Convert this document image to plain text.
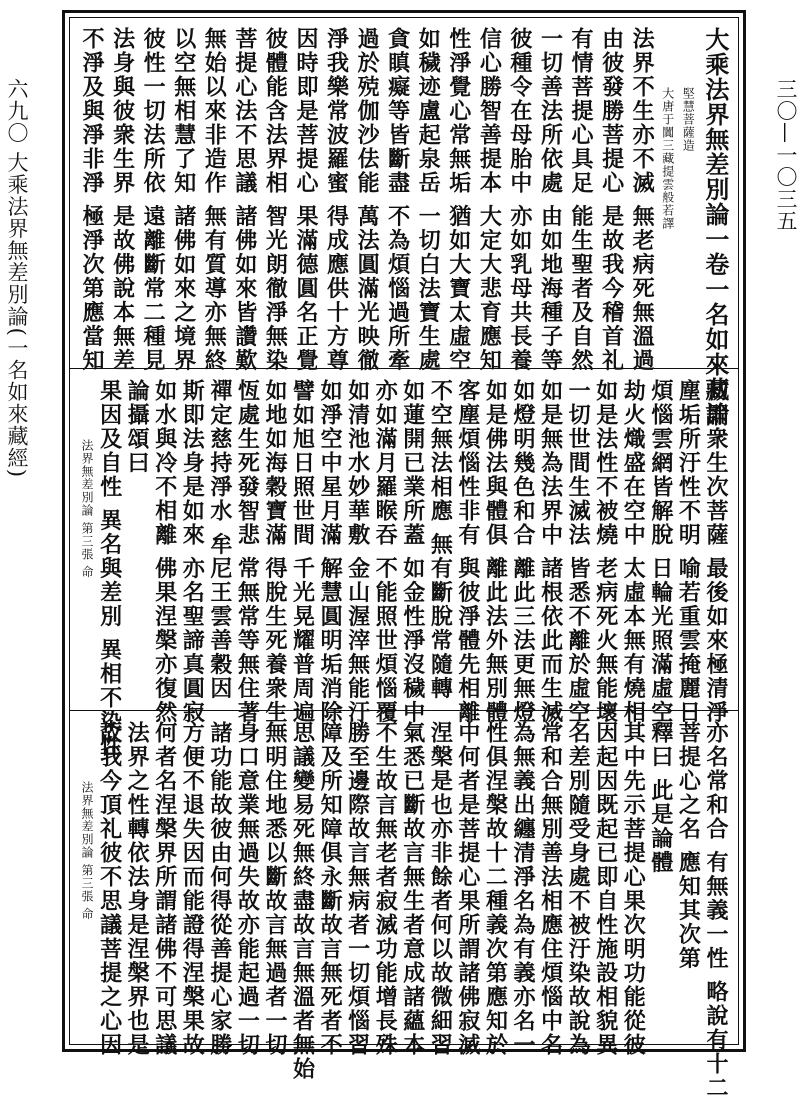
六九〇 大乘法界無差別論(一名如來藏經)	三〇—一〇三五
大乘法界無差別論一卷一名如來藏論
堅慧菩薩造
大唐于闐三藏提雲般若譯
法界不生亦不滅 無老病死無溫過
由彼發勝菩提心 是故我今稽首礼
有情菩提心具足 能生聖者及自然
一切善法所依處 由如地海種子等
彼種令在母胎中 亦如乳母共長養
信心勝智善提本 大定大悲育應知
性淨覺心常無垢 猶如大寶太虛空
如穢迹盧起泉岳 一切白法寶生處
貪瞋癡等皆斷盡 不為煩惱過所牽
過於殑伽沙佉能 萬法圓滿光映徹
淨我樂常波羅蜜 得成應供十方尊
因時即是菩提心 果滿德圓名正覺
彼體能含法界相 智光朗徹淨無染
菩提心法不思議 諸佛如來皆讚歎
無始以來非造作 無有質導亦無終
以空無相慧了知 諸佛如來之境界
彼性一切法所依 遠離斷常二種見
法身與彼衆生界 是故佛說本無差
不淨及與淨非淨 極淨次第應當知
初即衆生次菩薩 最後如來極清淨
塵垢所汙性不明 喻若重雲掩麗日
煩惱雲網皆解脫 日輪光照滿虛空
劫火熾盛在空中 太虛本無有燒相
如是法性不被燒 老病死火無能壞
一切世間生滅法 皆悉不離於虛空
如是無為法界中 諸根依此而生滅
如燈明幾色和合 離此三法更無燈
如是佛法與體俱 離此法外無別體
客塵煩惱性非有 與彼淨體先相離
不空無法相應 無有斷脫常隨轉
如蓮開已業所蓋 如金性淨沒穢中
亦如滿月羅睺吞 不能照世煩惱覆
如清池水妙華敷 金山渥滓無能汙
如淨空中星月滿 解慧圓明垢消除
譬如旭日照世間 千光晃耀普周遍
如地如海穀寶滿 得脫生死養衆生
恆處生死發智悲 常無常等無住著
禪定慈持淨水 牟尼王雲善穀因
斯即法身是如來 亦名聖諦真圓寂
如水與冷不相離 佛果涅槃亦復然
論攝頌曰
果因及自性 異名與差別 異相不染性
法界無差別論 第三張 命
亦名常和合 有無義一性 略說有十二
菩提心之名 應知其次第
釋曰 此是論體
其中先示菩提心果次明功能從彼
因起因既起已即自性施設相貌異
名差別隨受身處不被汙染故說為
常和合無別善法相應住煩惱中名
為無義出纏清淨名為有義亦名一
性俱涅槃故十二種義次第應知於
中何者是菩提心果所謂諸佛寂滅
涅槃是也亦非餘者何以故微細習
氣悉已斷故言無生者意成諸蘊本
不生故言無老者寂滅功能增長殊
勝至邊際故言無病者一切煩惱習
障及所知障俱永斷故言無死者不
思議變易死無終盡故言無溫者無始
無明住地悉以斷故言無過者一切
身口意業無過失故亦能起過一切
諸功能故彼由何得從善提心家勝
方便不退失因而能證得涅槃果故
何者名涅槃界所謂諸佛不可思議
法界之性轉依法身是涅槃界也是
故我今頂礼彼不思議菩提之心因
法界無差別論 第三張 命
